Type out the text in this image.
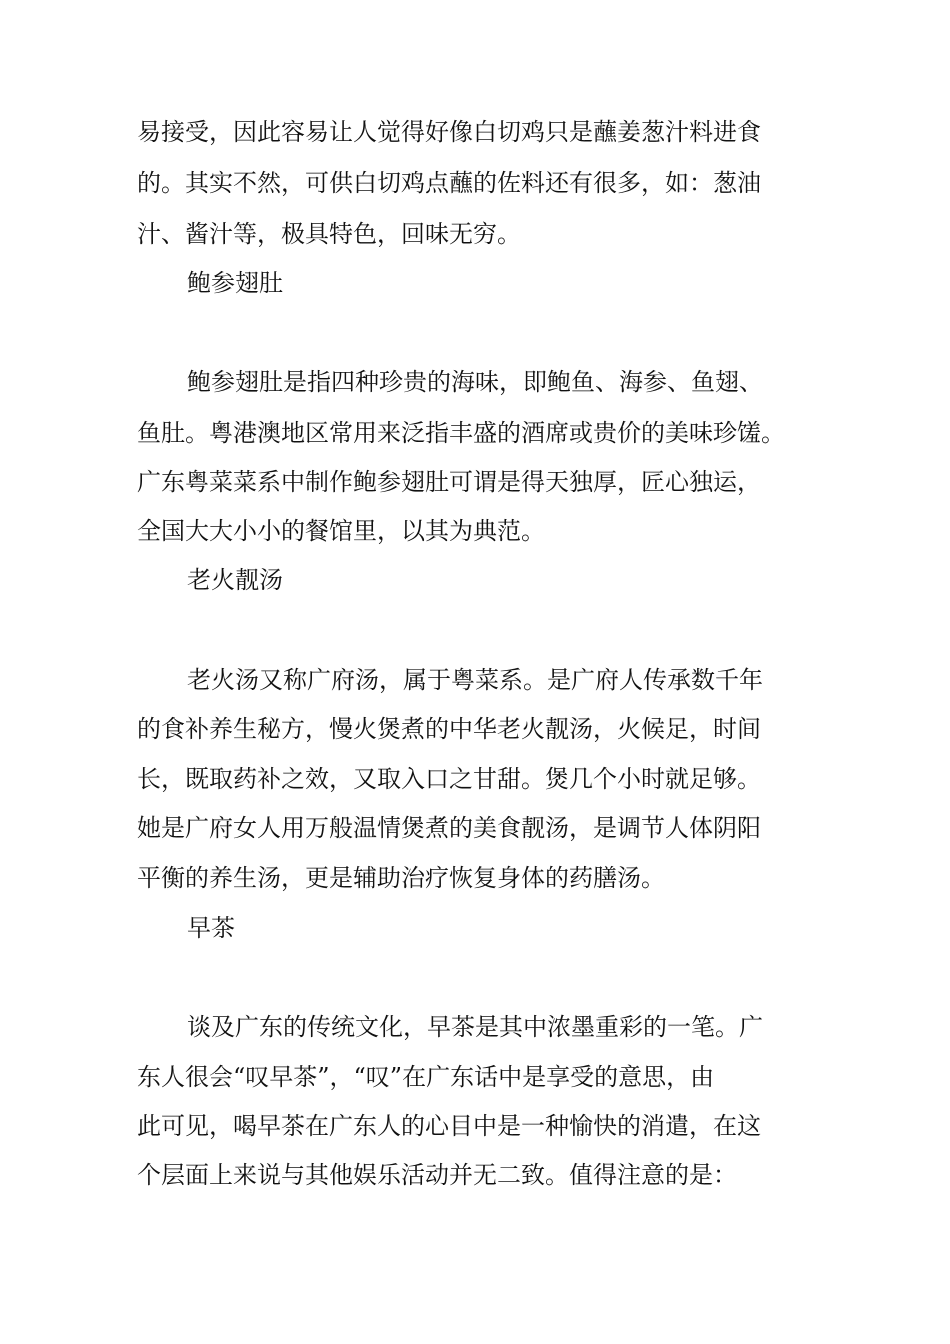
易接受，因此容易让人觉得好像白切鸡只是蘸姜葱汁料进食

的。其实不然，可供白切鸡点蘸的佐料还有很多，如：葱油

汁、酱汁等，极具特色，回味无穷。

鲍参翅肚

鲍参翅肚是指四种珍贵的海味，即鲍鱼、海参、鱼翅、

鱼肚。粤港澳地区常用来泛指丰盛的酒席或贵价的美味珍馐。

广东粤菜菜系中制作鲍参翅肚可谓是得天独厚，匠心独运，

全国大大小小的餐馆里，以其为典范。

老火靓汤

老火汤又称广府汤，属于粤菜系。是广府人传承数千年

的食补养生秘方，慢火煲煮的中华老火靓汤，火候足，时间

长，既取药补之效，又取入口之甘甜。煲几个小时就足够。

她是广府女人用万般温情煲煮的美食靓汤，是调节人体阴阳

平衡的养生汤，更是辅助治疗恢复身体的药膳汤。

早茶

谈及广东的传统文化，早茶是其中浓墨重彩的一笔。广

东人很会“叹早茶”，“叹”在广东话中是享受的意思，由

此可见，喝早茶在广东人的心目中是一种愉快的消遣，在这

个层面上来说与其他娱乐活动并无二致。值得注意的是：
